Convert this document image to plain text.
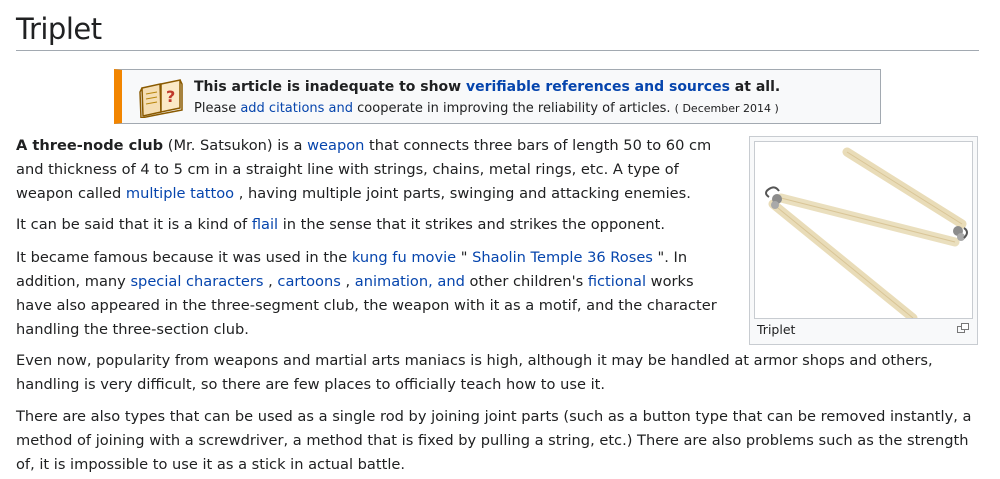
Triplet
? This article is inadequate to show verifiable references and sources at all.
Please add citations and cooperate in improving the reliability of articles. ( December 2014 )

A three-node club (Mr. Satsukon) is a weapon that connects three bars of length 50 to 60 cm and thickness of 4 to 5 cm in a straight line with strings, chains, metal rings, etc. A type of weapon called multiple tattoo , having multiple joint parts, swinging and attacking enemies.

It can be said that it is a kind of flail in the sense that it strikes and strikes the opponent.

It became famous because it was used in the kung fu movie " Shaolin Temple 36 Roses ". In addition, many special characters , cartoons , animation, and other children's fictional works have also appeared in the three-segment club, the weapon with it as a motif, and the character handling the three-section club.

Even now, popularity from weapons and martial arts maniacs is high, although it may be handled at armor shops and others, handling is very difficult, so there are few places to officially teach how to use it.

There are also types that can be used as a single rod by joining joint parts (such as a button type that can be removed instantly, a method of joining with a screwdriver, a method that is fixed by pulling a string, etc.) There are also problems such as the strength of, it is impossible to use it as a stick in actual battle.

Triplet
